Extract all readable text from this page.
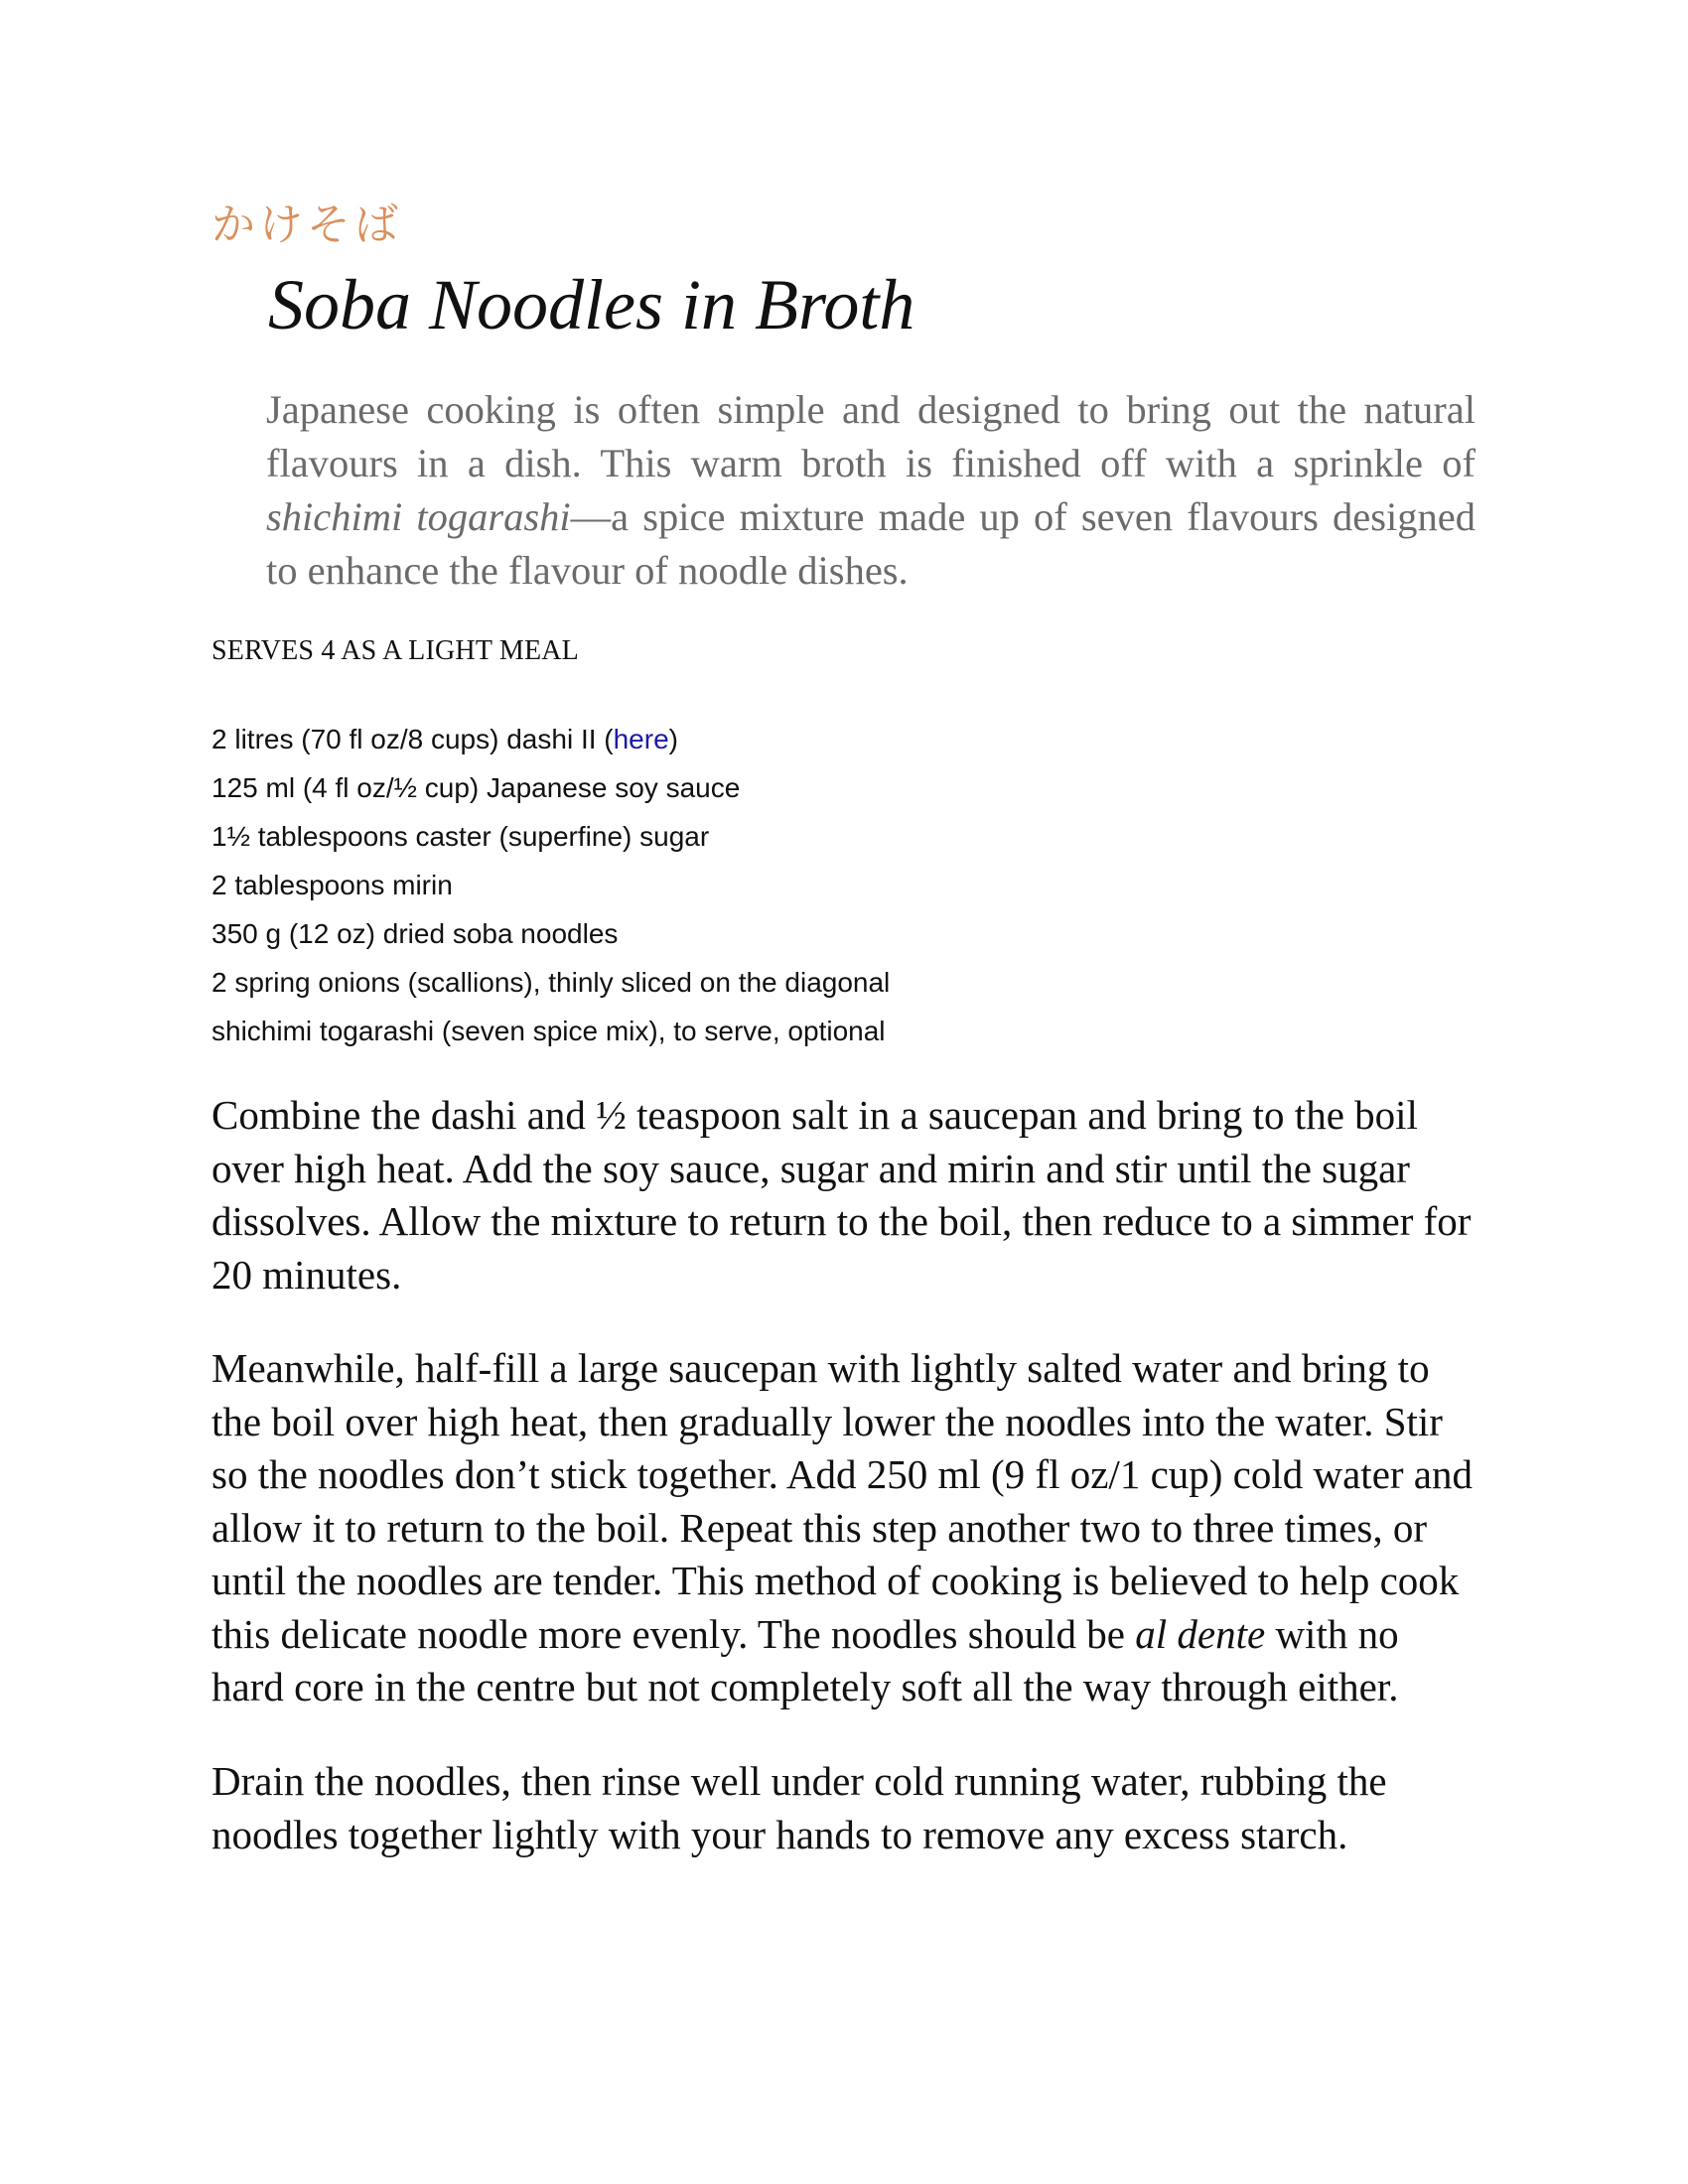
かけそば
Soba Noodles in Broth

Japanese cooking is often simple and designed to bring out the natural flavours in a dish. This warm broth is finished off with a sprinkle of shichimi togarashi—a spice mixture made up of seven flavours designed to enhance the flavour of noodle dishes.

SERVES 4 AS A LIGHT MEAL
2 litres (70 fl oz/8 cups) dashi II (here)
125 ml (4 fl oz/½ cup) Japanese soy sauce
1½ tablespoons caster (superfine) sugar
2 tablespoons mirin
350 g (12 oz) dried soba noodles
2 spring onions (scallions), thinly sliced on the diagonal
shichimi togarashi (seven spice mix), to serve, optional

Combine the dashi and ½ teaspoon salt in a saucepan and bring to the boil over high heat. Add the soy sauce, sugar and mirin and stir until the sugar dissolves. Allow the mixture to return to the boil, then reduce to a simmer for 20 minutes.

Meanwhile, half-fill a large saucepan with lightly salted water and bring to the boil over high heat, then gradually lower the noodles into the water. Stir so the noodles don’t stick together. Add 250 ml (9 fl oz/1 cup) cold water and allow it to return to the boil. Repeat this step another two to three times, or until the noodles are tender. This method of cooking is believed to help cook this delicate noodle more evenly. The noodles should be al dente with no hard core in the centre but not completely soft all the way through either.

Drain the noodles, then rinse well under cold running water, rubbing the noodles together lightly with your hands to remove any excess starch.
